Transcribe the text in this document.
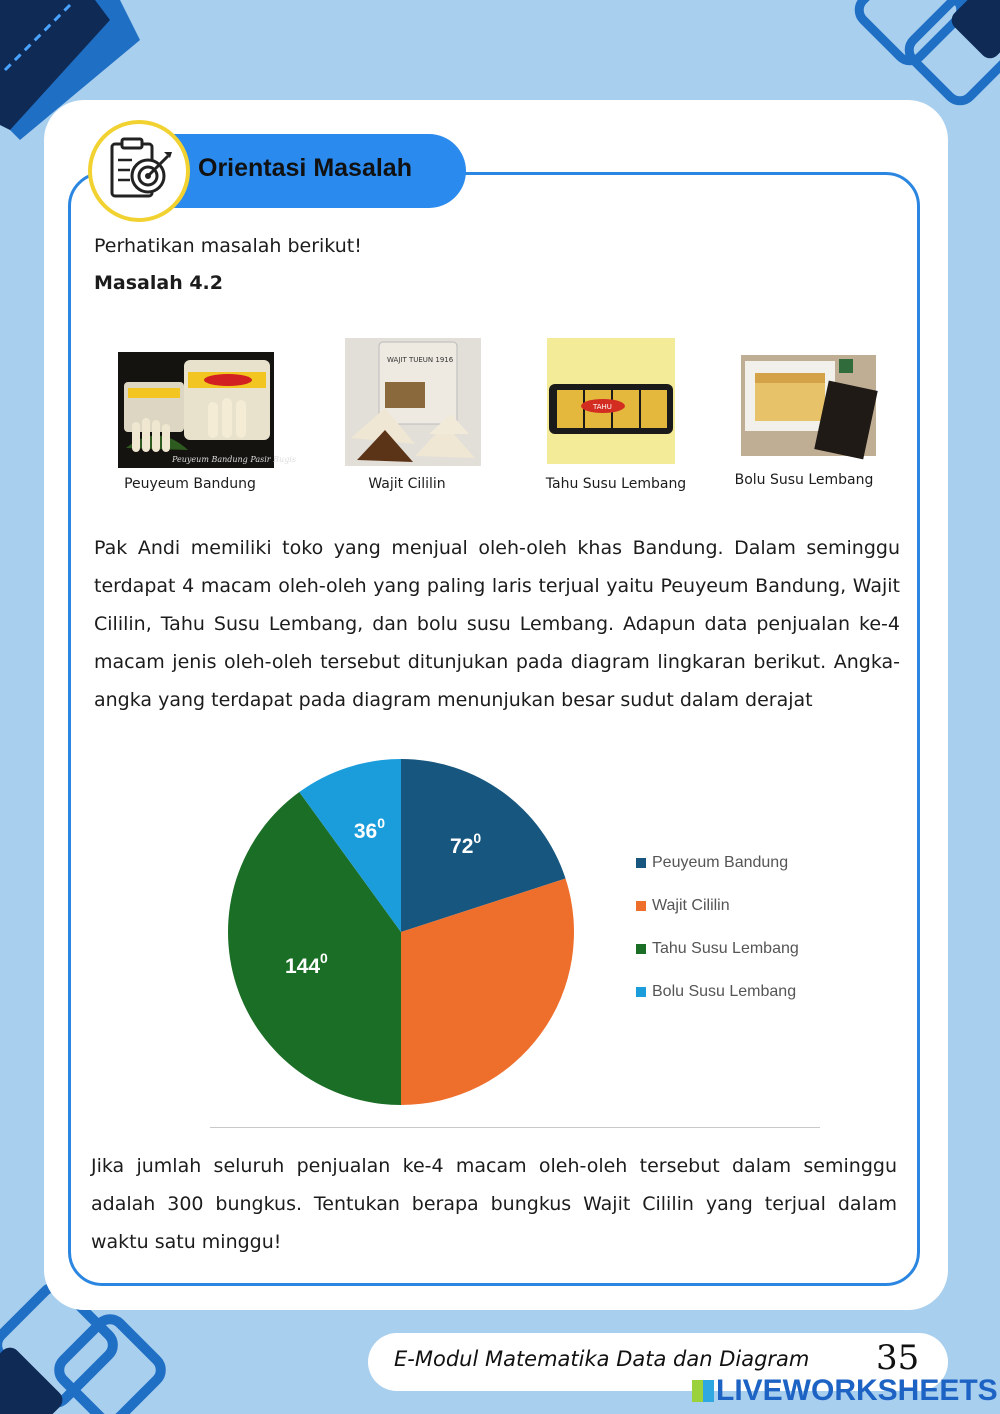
Orientasi Masalah
Perhatikan masalah berikut!
Masalah 4.2
Peuyeum Bandung Pasir Bugis
WAJIT TUEUN 1916
TAHU
Peuyeum Bandung	Wajit Cililin	Tahu Susu Lembang	Bolu Susu Lembang
Pak Andi memiliki toko yang menjual oleh-oleh khas Bandung. Dalam seminggu terdapat 4 macam oleh-oleh yang paling laris terjual yaitu Peuyeum Bandung, Wajit Cililin, Tahu Susu Lembang, dan bolu susu Lembang. Adapun data penjualan ke-4 macam jenis oleh-oleh tersebut ditunjukan pada diagram lingkaran berikut. Angka-angka yang terdapat pada diagram menunjukan besar sudut dalam derajat
$72^0$
$144^0$
$36^0$
Peuyeum Bandung
Wajit Cililin
Tahu Susu Lembang
Bolu Susu Lembang
Jika jumlah seluruh penjualan ke-4 macam oleh-oleh tersebut dalam seminggu adalah 300 bungkus. Tentukan berapa bungkus Wajit Cililin yang terjual dalam waktu satu minggu!
E-Modul Matematika Data dan Diagram 35
LIVEWORKSHEETS
